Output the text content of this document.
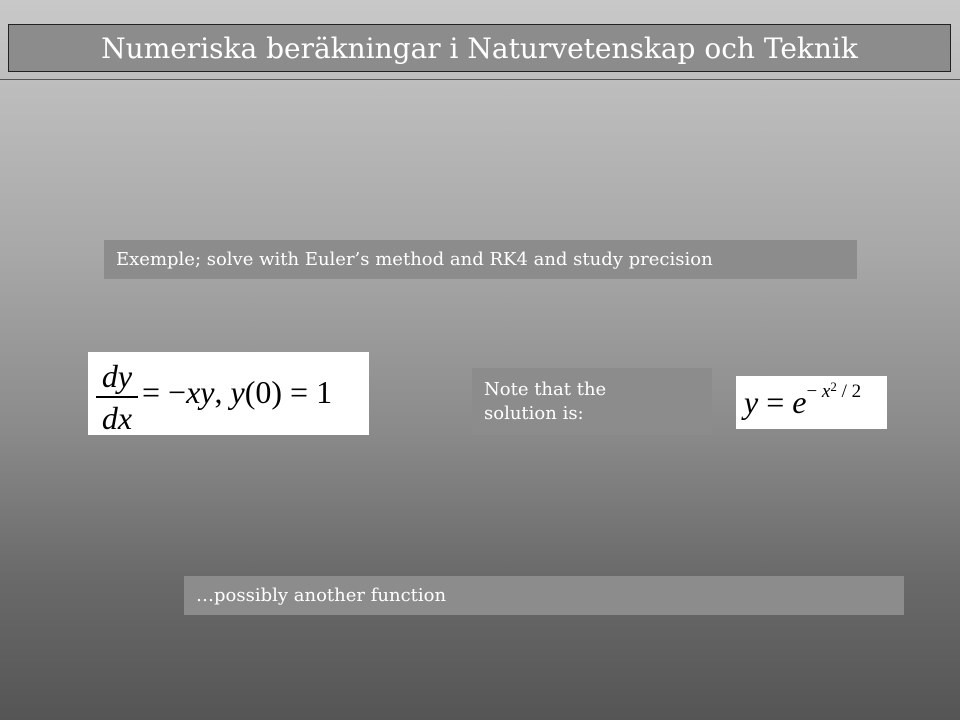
Numeriska beräkningar i Naturvetenskap och Teknik
Exemple; solve with Euler’s method and RK4 and study precision
dy
dx
= −xy, y(0) = 1	Note that the solution is:	$y = e^{- x^2 / 2}$
…possibly another function
